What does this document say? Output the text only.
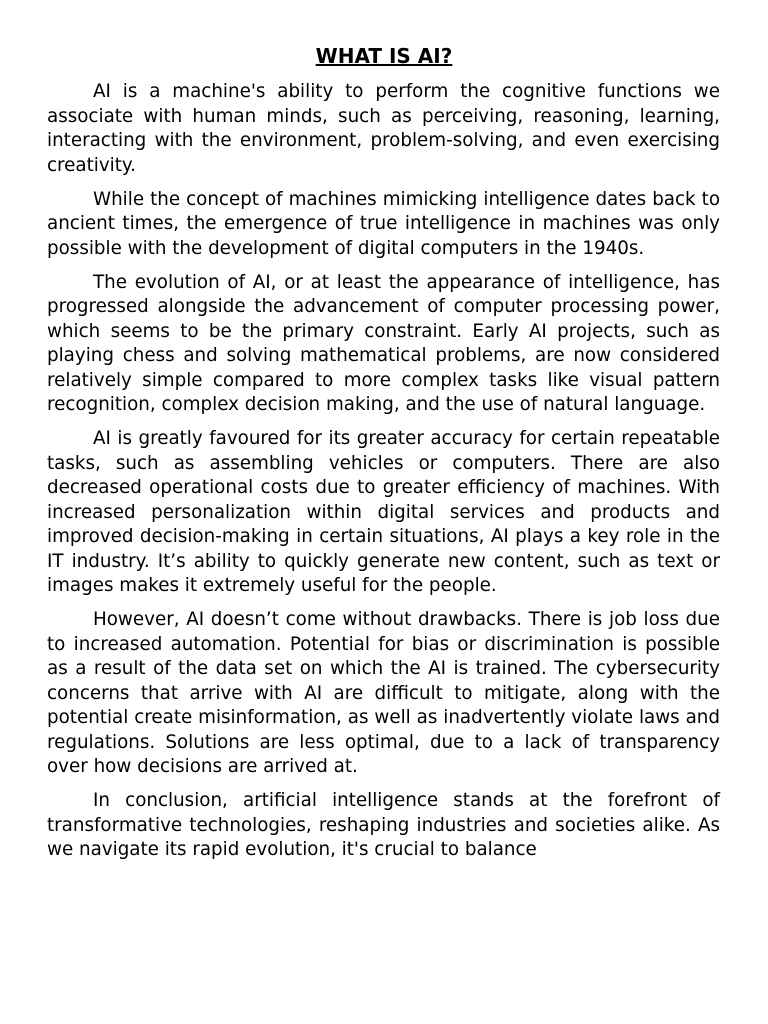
WHAT IS AI?

AI is a machine's ability to perform the cognitive functions we associate with human minds, such as perceiving, reasoning, learning, interacting with the environment, problem-solving, and even exercising creativity.

While the concept of machines mimicking intelligence dates back to ancient times, the emergence of true intelligence in machines was only possible with the development of digital computers in the 1940s.

The evolution of AI, or at least the appearance of intelligence, has progressed alongside the advancement of computer processing power, which seems to be the primary constraint. Early AI projects, such as playing chess and solving mathematical problems, are now considered relatively simple compared to more complex tasks like visual pattern recognition, complex decision making, and the use of natural language.

AI is greatly favoured for its greater accuracy for certain repeatable tasks, such as assembling vehicles or computers. There are also decreased operational costs due to greater efficiency of machines. With increased personalization within digital services and products and improved decision-making in certain situations, AI plays a key role in the IT industry. It’s ability to quickly generate new content, such as text or images makes it extremely useful for the people.

However, AI doesn’t come without drawbacks. There is job loss due to increased automation. Potential for bias or discrimination is possible as a result of the data set on which the AI is trained. The cybersecurity concerns that arrive with AI are difficult to mitigate, along with the potential create misinformation, as well as inadvertently violate laws and regulations. Solutions are less optimal, due to a lack of transparency over how decisions are arrived at.

In conclusion, artificial intelligence stands at the forefront of transformative technologies, reshaping industries and societies alike. As we navigate its rapid evolution, it's crucial to balance
